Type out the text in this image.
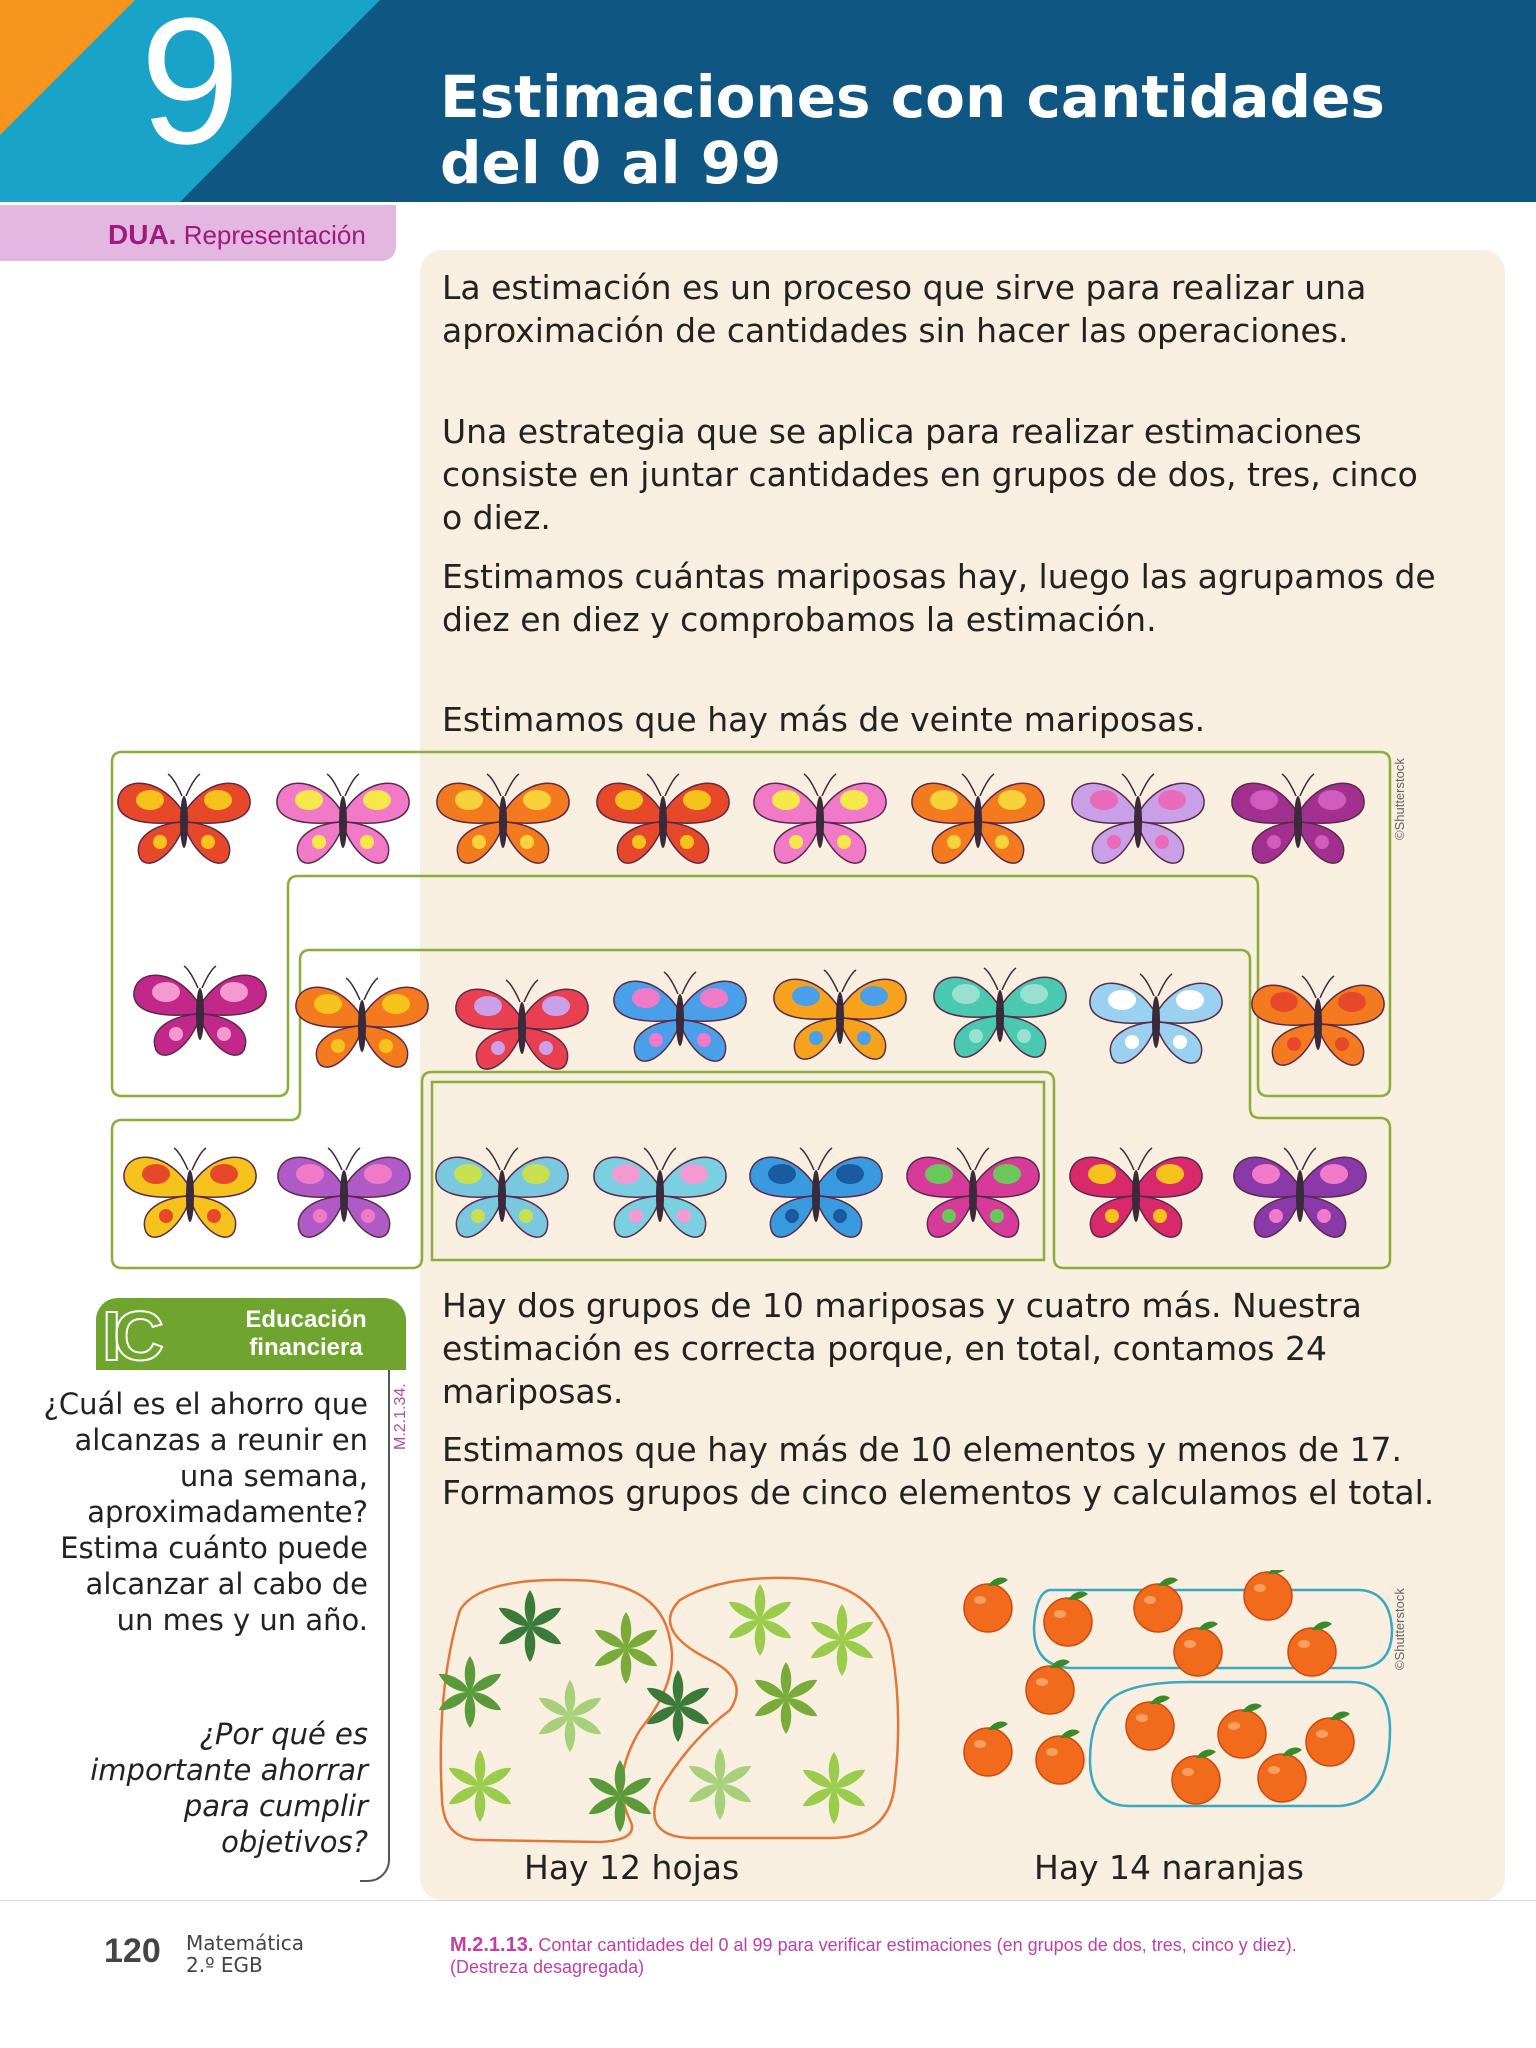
9	Estimaciones con cantidades
del 0 al 99
DUA. Representación

La estimación es un proceso que sirve para realizar una aproximación de cantidades sin hacer las operaciones.

Una estrategia que se aplica para realizar estimaciones consiste en juntar cantidades en grupos de dos, tres, cinco o diez.

Estimamos cuántas mariposas hay, luego las agrupamos de diez en diez y comprobamos la estimación.

Estimamos que hay más de veinte mariposas.

©Shutterstock

Hay dos grupos de 10 mariposas y cuatro más. Nuestra estimación es correcta porque, en total, contamos 24 mariposas.

Estimamos que hay más de 10 elementos y menos de 17. Formamos grupos de cinco elementos y calculamos el total.

IC	Educación
financiera
M.2.1.34.
¿Cuál es el ahorro que alcanzas a reunir en una semana, aproximadamente? Estima cuánto puede alcanzar al cabo de un mes y un año.
¿Por qué es importante ahorrar para cumplir objetivos?
©Shutterstock
Hay 12 hojas	Hay 14 naranjas
120 Matemática
2.º EGB
M.2.1.13. Contar cantidades del 0 al 99 para verificar estimaciones (en grupos de dos, tres, cinco y diez). (Destreza desagregada)
